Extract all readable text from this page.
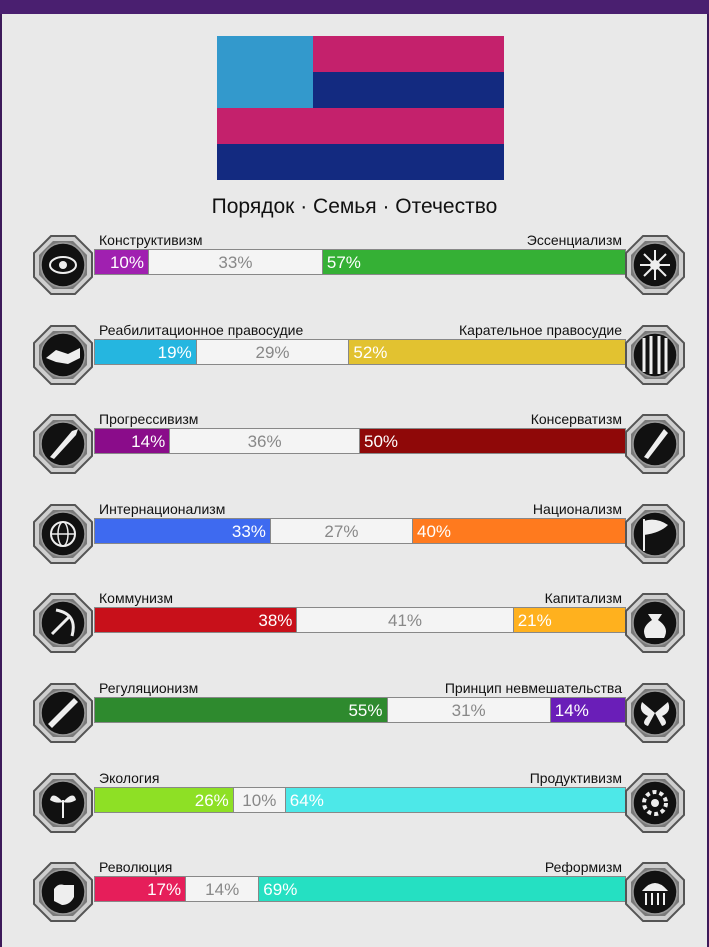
Порядок · Семья · Отечество
Конструктивизм	Эссенциализм
10%	33%	57%
Реабилитационное правосудие	Карательное правосудие
19%	29%	52%
Прогрессивизм	Консерватизм
14%	36%	50%
Интернационализм	Национализм
33%	27%	40%
Коммунизм	Капитализм
38%	41%	21%
Регуляционизм	Принцип невмешательства
55%	31%	14%
Экология	Продуктивизм
26% 10% 64%
Революция	Реформизм
17%	14%	69%
